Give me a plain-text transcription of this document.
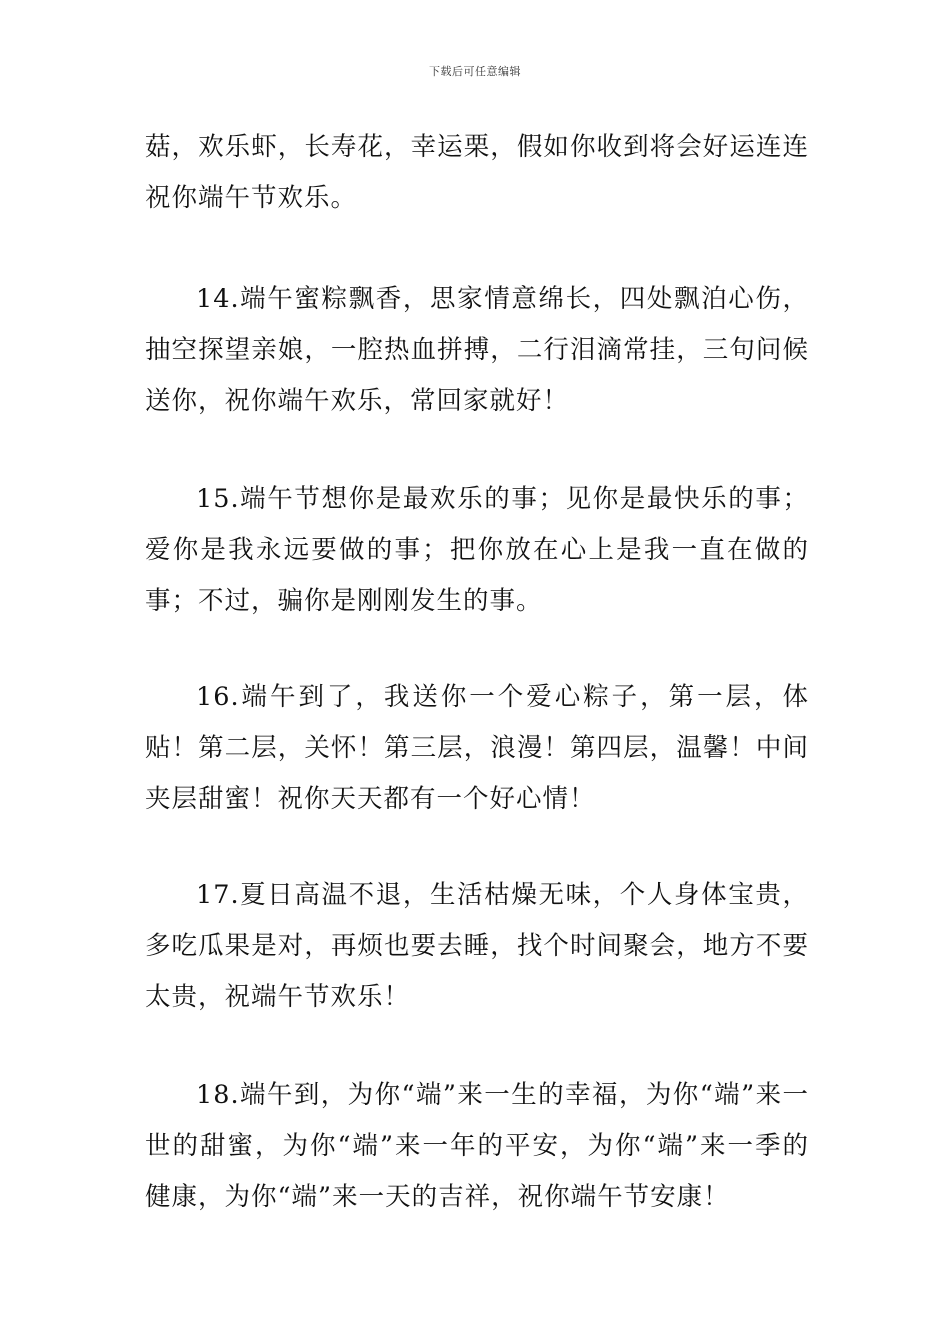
下载后可任意编辑

菇，欢乐虾，长寿花，幸运栗，假如你收到将会好运连连祝你端午节欢乐。

14.端午蜜粽飘香，思家情意绵长，四处飘泊心伤，抽空探望亲娘，一腔热血拼搏，二行泪滴常挂，三句问候送你，祝你端午欢乐，常回家就好！

15.端午节想你是最欢乐的事；见你是最快乐的事；爱你是我永远要做的事；把你放在心上是我一直在做的事；不过，骗你是刚刚发生的事。

16.端午到了，我送你一个爱心粽子，第一层，体贴！第二层，关怀！第三层，浪漫！第四层，温馨！中间夹层甜蜜！祝你天天都有一个好心情！

17.夏日高温不退，生活枯燥无味，个人身体宝贵，多吃瓜果是对，再烦也要去睡，找个时间聚会，地方不要太贵，祝端午节欢乐！

18.端午到，为你“端”来一生的幸福，为你“端”来一世的甜蜜，为你“端”来一年的平安，为你“端”来一季的健康，为你“端”来一天的吉祥，祝你端午节安康！
